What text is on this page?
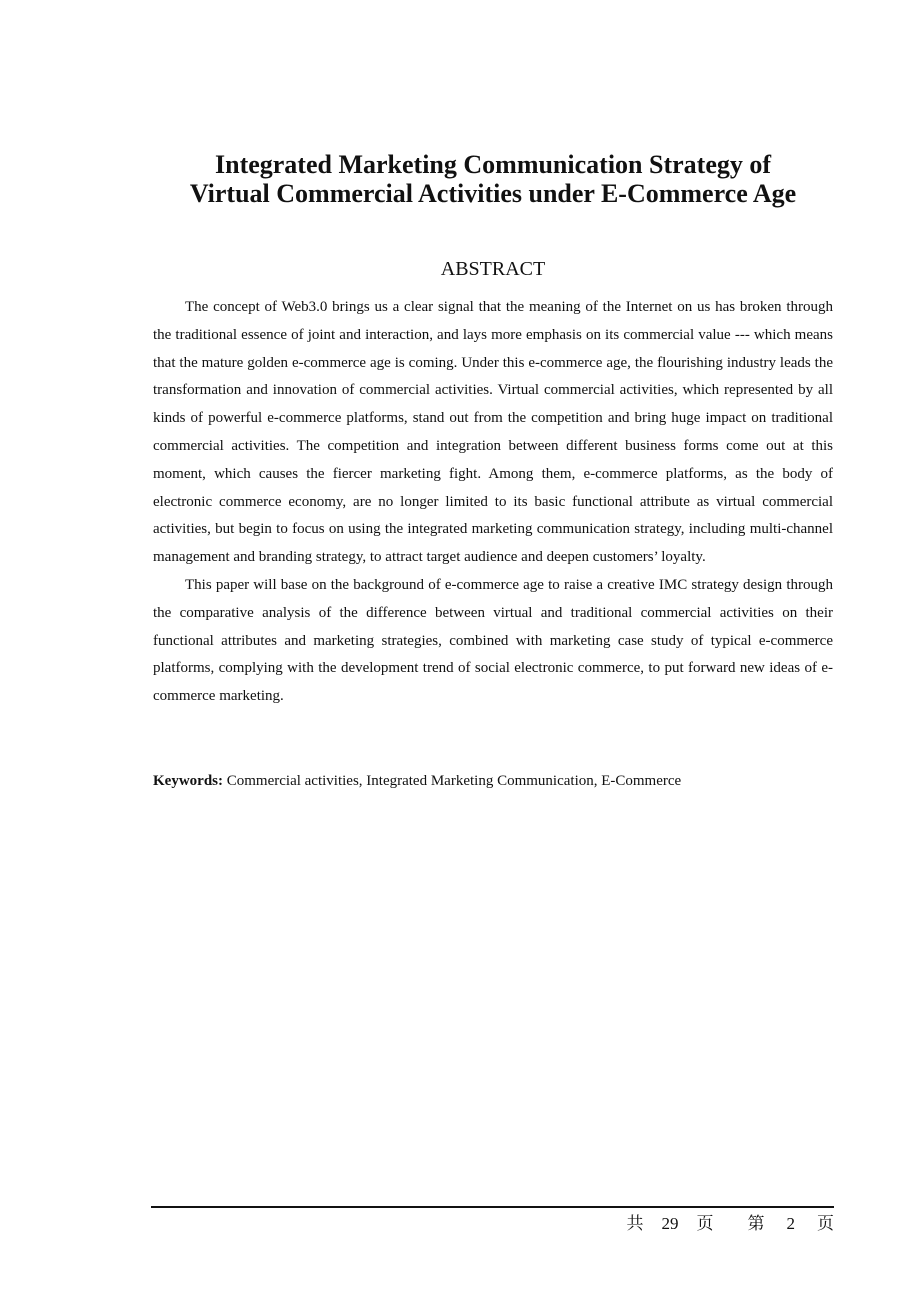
Integrated Marketing Communication Strategy of
Virtual Commercial Activities under E-Commerce Age
ABSTRACT

The concept of Web3.0 brings us a clear signal that the meaning of the Internet on us has broken through the traditional essence of joint and interaction, and lays more emphasis on its commercial value --- which means that the mature golden e-commerce age is coming. Under this e-commerce age, the flourishing industry leads the transformation and innovation of commercial activities. Virtual commercial activities, which represented by all kinds of powerful e-commerce platforms, stand out from the competition and bring huge impact on traditional commercial activities. The competition and integration between different business forms come out at this moment, which causes the fiercer marketing fight. Among them, e-commerce platforms, as the body of electronic commerce economy, are no longer limited to its basic functional attribute as virtual commercial activities, but begin to focus on using the integrated marketing communication strategy, including multi-channel management and branding strategy, to attract target audience and deepen customers’ loyalty.

This paper will base on the background of e-commerce age to raise a creative IMC strategy design through the comparative analysis of the difference between virtual and traditional commercial activities on their functional attributes and marketing strategies, combined with marketing case study of typical e-commerce platforms, complying with the development trend of social electronic commerce, to put forward new ideas of e-commerce marketing.

Keywords: Commercial activities, Integrated Marketing Communication, E-Commerce

共 29 页 第 2 页
